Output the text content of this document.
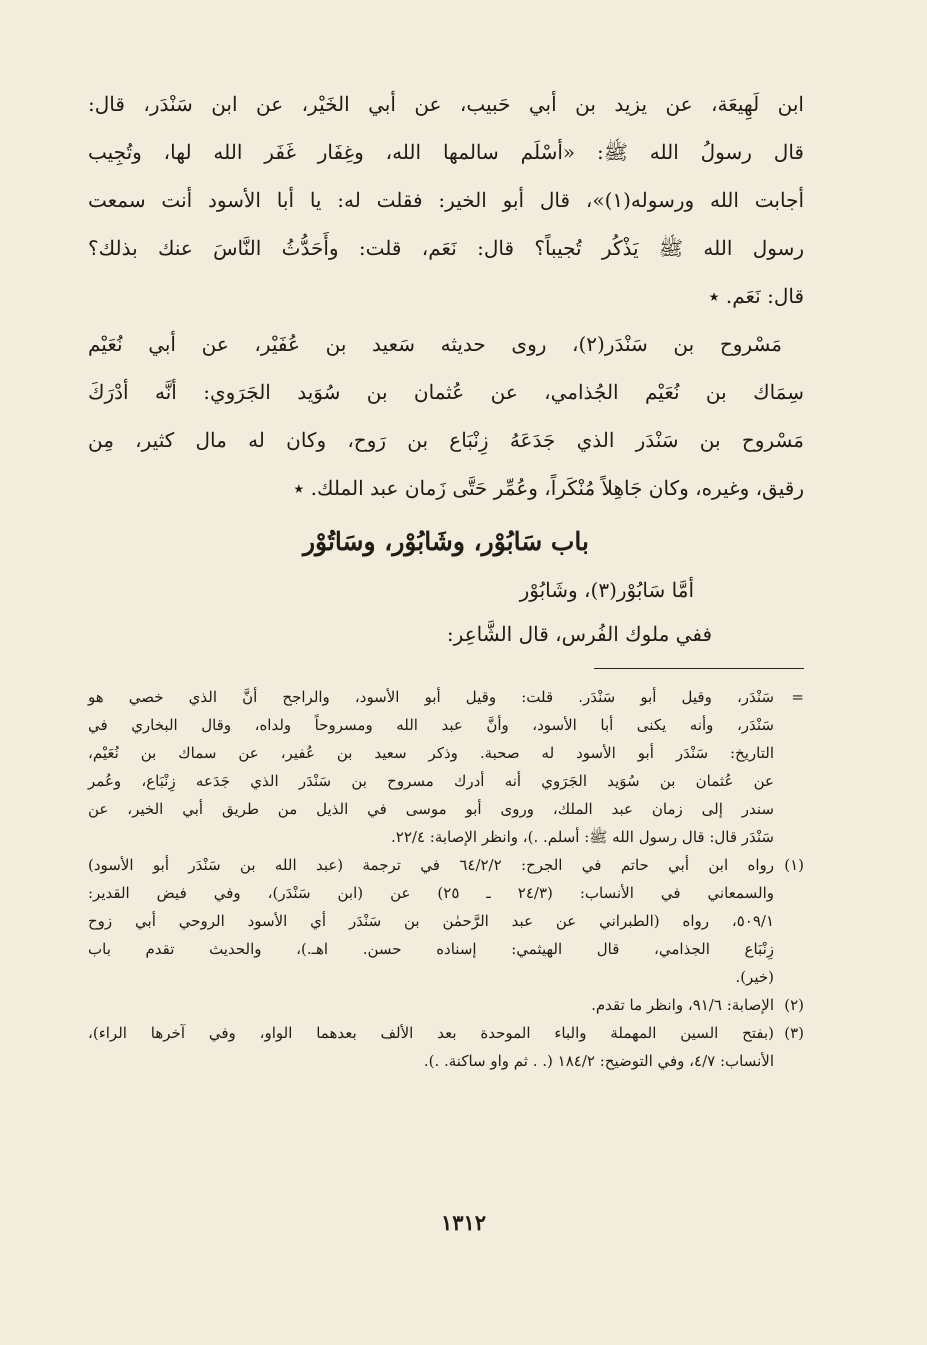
ابن لَهِيعَة، عن يزيد بن أبي حَبيب، عن أبي الخَيْر، عن ابن سَنْدَر، قال:

قال رسولُ الله ﷺ: «أسْلَم سالمها الله، وغِفَار غَفَر الله لها، وتُجِيب

أجابت الله ورسوله(١)»، قال أبو الخير: فقلت له: يا أبا الأسود أنت سمعت

رسول الله ﷺ يَذْكُر تُجيباً؟ قال: نَعَم، قلت: وأَحَدُّثُ النَّاسَ عنك بذلك؟

قال: نَعَم. ٭

مَسْروح بن سَنْدَر(٢)، روى حديثه سَعيد بن عُفَيْر، عن أبي نُعَيْم

سِمَاك بن نُعَيْم الجُذامي، عن عُثمان بن سُوَيد الجَرَوي: أنَّه أدْرَكَ

مَسْروح بن سَنْدَر الذي جَدَعَهُ زِنْبَاع بن رَوح، وكان له مال كثير، مِن

رقيق، وغيره، وكان جَاهِلاً مُنْكَراً، وعُمِّر حَتَّى زَمان عبد الملك. ٭

باب سَابُوْر، وشَابُوْر، وسَاتُوْر

أمَّا سَابُوْر(٣)، وشَابُوْر

ففي ملوك الفُرس، قال الشَّاعِر:

=

سَنْدَر، وقيل أبو سَنْدَر. قلت: وقيل أبو الأسود، والراجح أنَّ الذي خصي هو

سَنْدَر، وأنه يكنى أبا الأسود، وأنَّ عبد الله ومسروحاً ولداه، وقال البخاري في

التاريخ: سَنْدَر أبو الأسود له صحبة. وذكر سعيد بن عُفير، عن سماك بن نُعَيْم،

عن عُثمان بن سُوَيد الجَرَوي أنه أدرك مسروح بن سَنْدَر الذي جَدَعه زِنْبَاع، وعُمر

سندر إلى زمان عبد الملك، وروى أبو موسى في الذيل من طريق أبي الخير، عن

سَنْدَر قال: قال رسول الله ﷺ: أسلم. .)، وانظر الإصابة: ٢٢/٤.

(١)

رواه ابن أبي حاتم في الجرح: ٦٤/٢/٢ في ترجمة (عبد الله بن سَنْدَر أبو الأسود)

والسمعاني في الأنساب: (٢٤/٣ ـ ٢٥) عن (ابن سَنْدَر)، وفي فيض القدير:

٥٠٩/١، رواه (الطبراني عن عبد الرَّحمٰن بن سَنْدَر أي الأسود الروحي أبي زوح

زِنْبَاع الجذامي، قال الهيثمي: إسناده حسن. اهـ.)، والحديث تقدم باب

(خير).

(٢)

الإصابة: ٩١/٦، وانظر ما تقدم.

(٣)

(بفتح السين المهملة والباء الموحدة بعد الألف بعدهما الواو، وفي آخرها الراء)،

الأنساب: ٤/٧، وفي التوضيح: ١٨٤/٢ (. . ثم واو ساكنة. .).

١٣١٢
